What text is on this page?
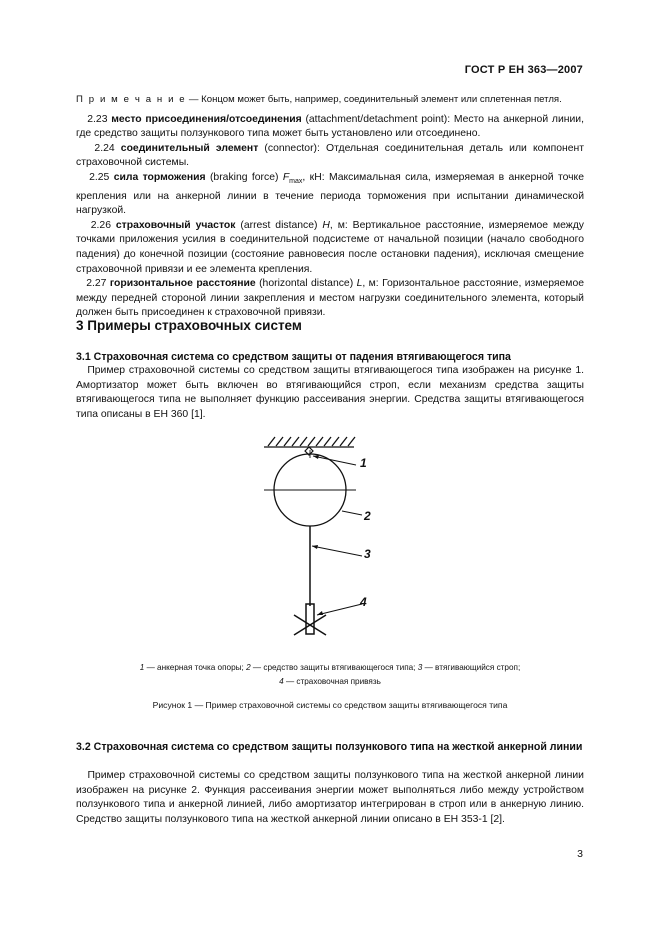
ГОСТ Р ЕН 363—2007

П р и м е ч а н и е — Концом может быть, например, соединительный элемент или сплетенная петля.

2.23 место присоединения/отсоединения (attachment/detachment point): Место на анкерной линии, где средство защиты ползункового типа может быть установлено или отсоединено.

2.24 соединительный элемент (connector): Отдельная соединительная деталь или компонент страховочной системы.

2.25 сила торможения (braking force) $F_{max}$, кН: Максимальная сила, измеряемая в анкерной точке крепления или на анкерной линии в течение периода торможения при испытании динамической нагрузкой.

2.26 страховочный участок (arrest distance) H, м: Вертикальное расстояние, измеряемое между точками приложения усилия в соединительной подсистеме от начальной позиции (начало свободного падения) до конечной позиции (состояние равновесия после остановки падения), исключая смещение страховочной привязи и ее элемента крепления.

2.27 горизонтальное расстояние (horizontal distance) L, м: Горизонтальное расстояние, измеряемое между передней стороной линии закрепления и местом нагрузки соединительного элемента, который должен быть присоединен к страховочной привязи.

3 Примеры страховочных систем
3.1 Страховочная система со средством защиты от падения втягивающегося типа

Пример страховочной системы со средством защиты втягивающегося типа изображен на рисунке 1. Амортизатор может быть включен во втягивающийся строп, если механизм средства защиты втягивающегося типа не выполняет функцию рассеивания энергии. Средства защиты втягивающегося типа описаны в ЕН 360 [1].

1
2
3
4
1 — анкерная точка опоры; 2 — средство защиты втягивающегося типа; 3 — втягивающийся строп;
4 — страховочная привязь
Рисунок 1 — Пример страховочной системы со средством защиты втягивающегося типа
3.2 Страховочная система со средством защиты ползункового типа на жесткой анкерной линии

Пример страховочной системы со средством защиты ползункового типа на жесткой анкерной линии изображен на рисунке 2. Функция рассеивания энергии может выполняться либо между устройством ползункового типа и анкерной линией, либо амортизатор интегрирован в строп или в анкерную линию. Средство защиты ползункового типа на жесткой анкерной линии описано в ЕН 353-1 [2].

3
